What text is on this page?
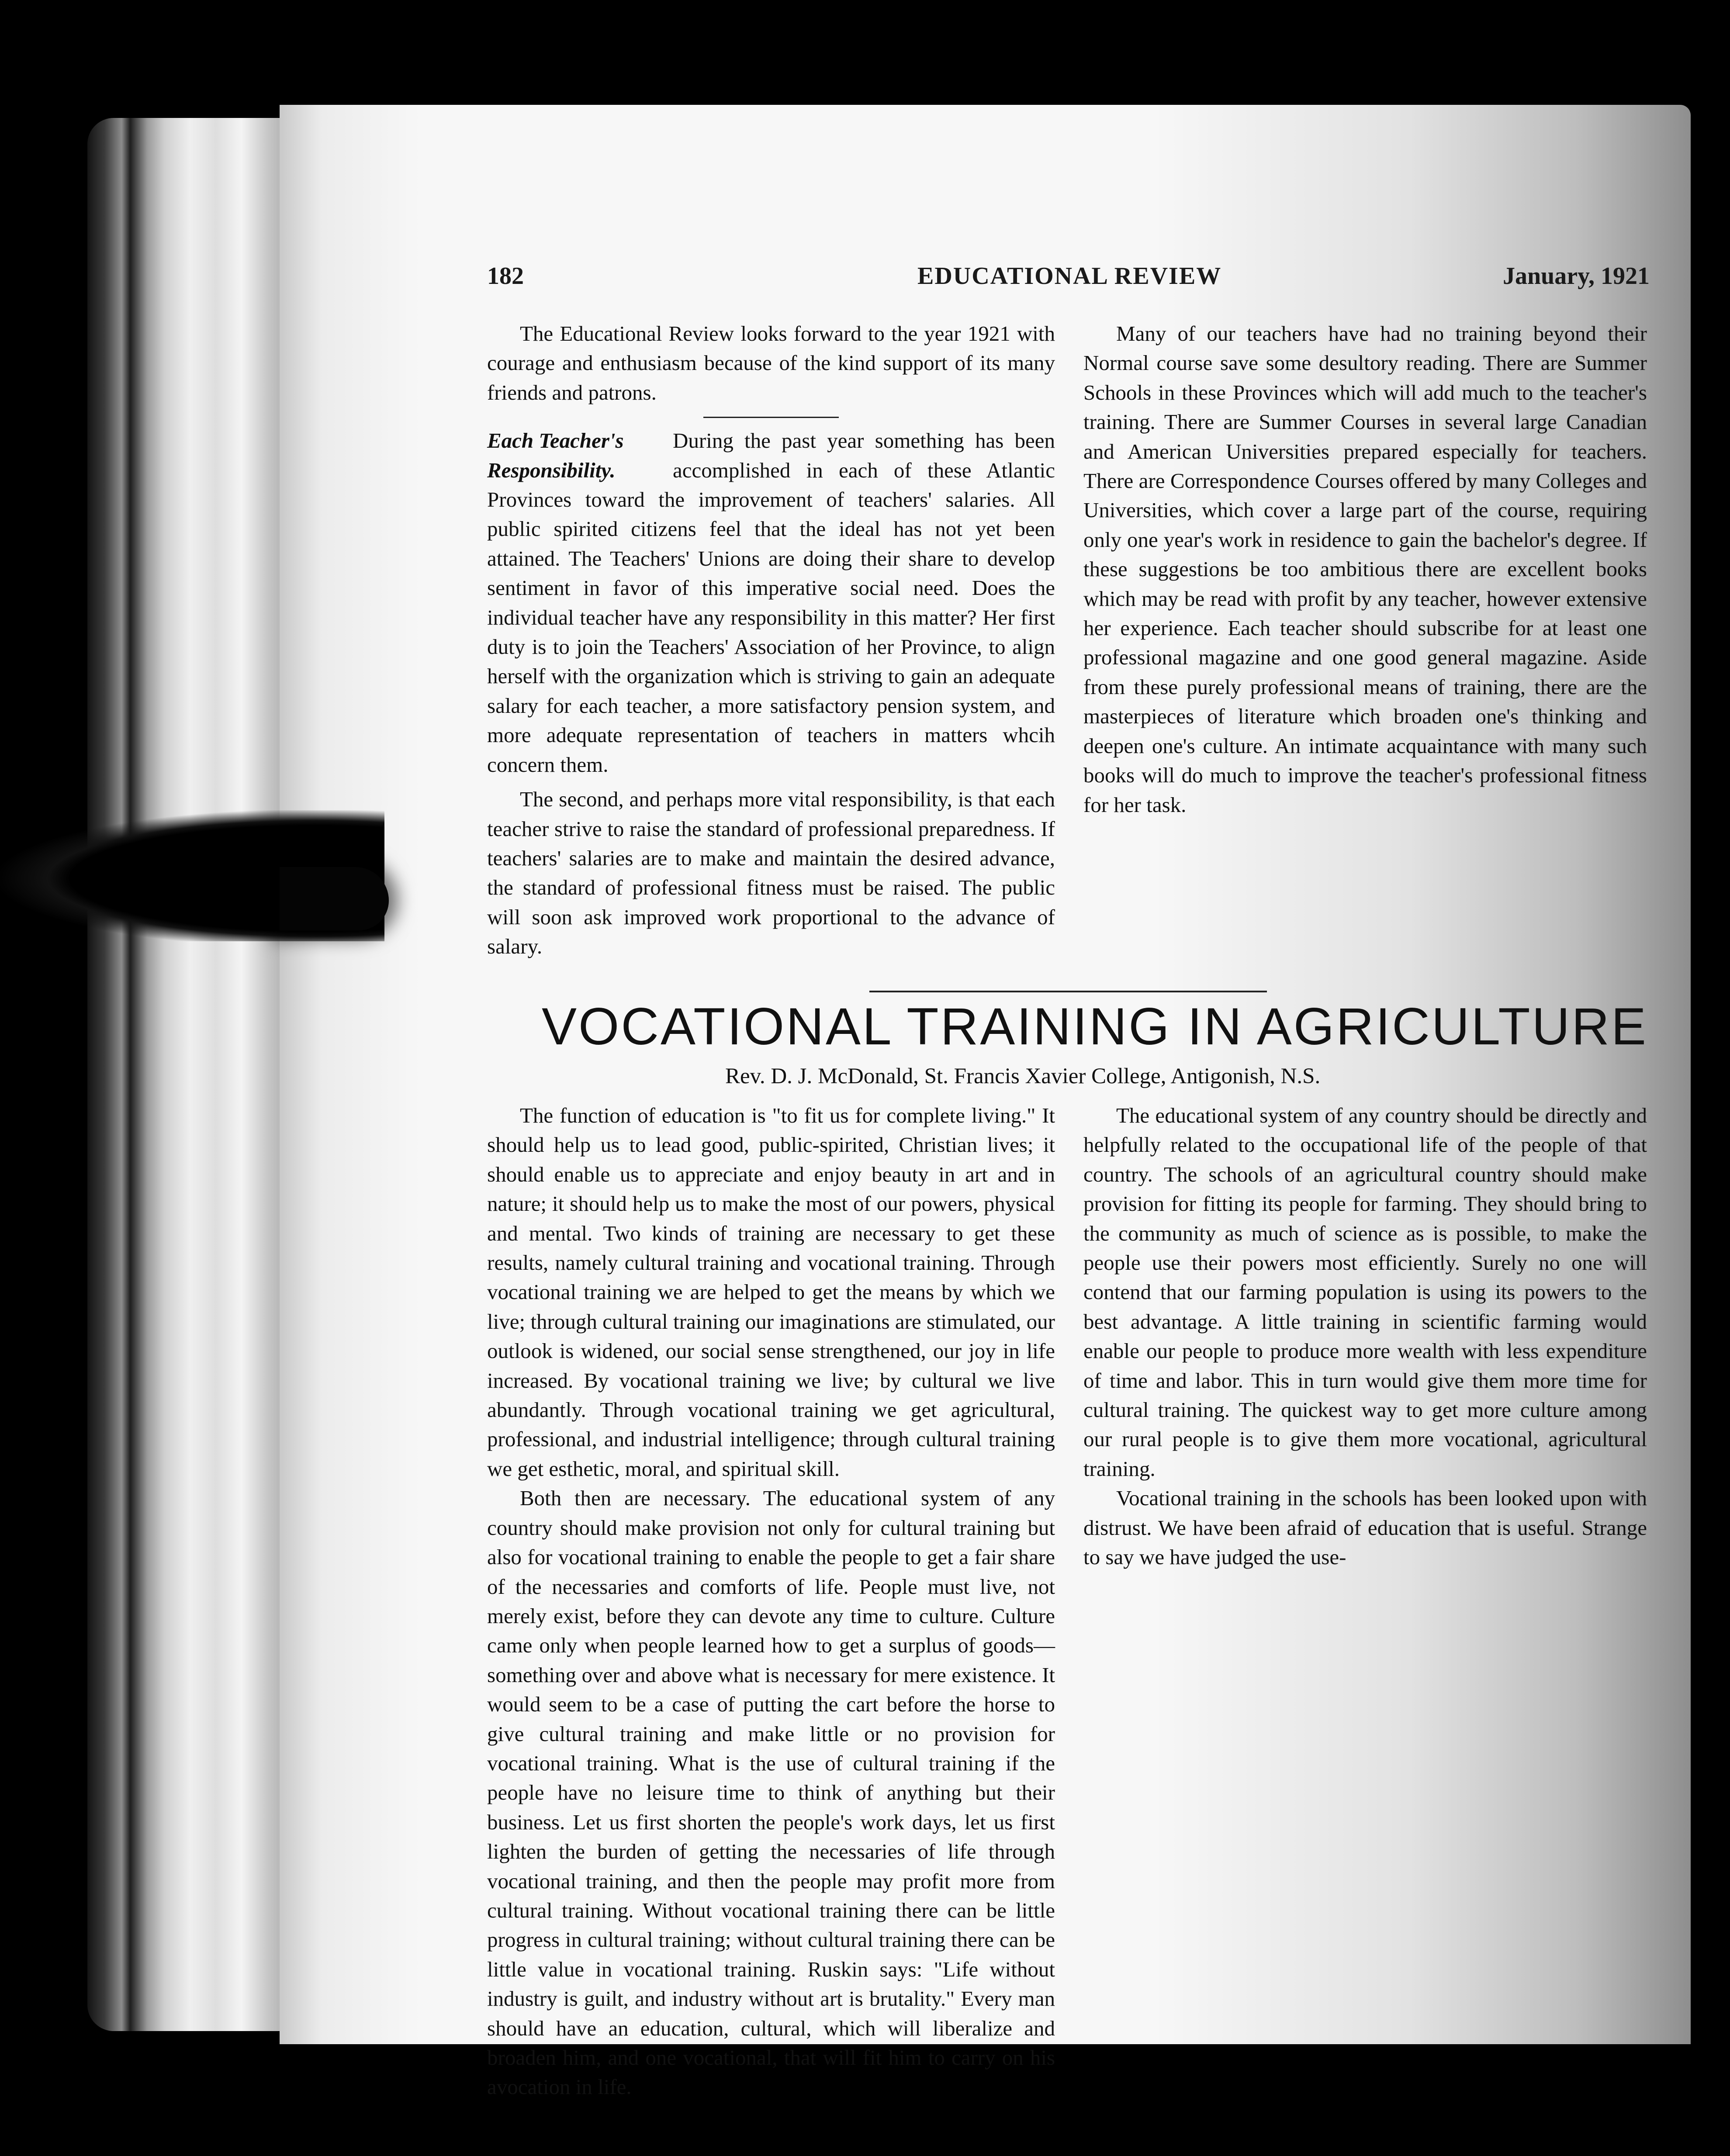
182	EDUCATIONAL REVIEW	January, 1921

The Educational Review looks forward to the year 1921 with courage and enthusiasm because of the kind support of its many friends and patrons.

Each Teacher's Responsibility.
During the past year something has been accomplished in each of these Atlantic Provinces toward the improvement of teachers' salaries. All public spirited citizens feel that the ideal has not yet been attained. The Teachers' Unions are doing their share to develop sentiment in favor of this imperative social need. Does the individual teacher have any responsibility in this matter? Her first duty is to join the Teachers' Association of her Province, to align herself with the organization which is striving to gain an adequate salary for each teacher, a more satisfactory pension system, and more adequate representation of teachers in matters whcih concern them.

The second, and perhaps more vital responsibility, is that each teacher strive to raise the standard of professional preparedness. If teachers' salaries are to make and maintain the desired advance, the standard of professional fitness must be raised. The public will soon ask improved work proportional to the advance of salary.

Many of our teachers have had no training beyond their Normal course save some desultory reading. There are Summer Schools in these Provinces which will add much to the teacher's training. There are Summer Courses in several large Canadian and American Universities prepared especially for teachers. There are Correspondence Courses offered by many Colleges and Universities, which cover a large part of the course, requiring only one year's work in residence to gain the bachelor's degree. If these suggestions be too ambitious there are excellent books which may be read with profit by any teacher, however extensive her experience. Each teacher should subscribe for at least one professional magazine and one good general magazine. Aside from these purely professional means of training, there are the masterpieces of literature which broaden one's thinking and deepen one's culture. An intimate acquaintance with many such books will do much to improve the teacher's professional fitness for her task.

VOCATIONAL TRAINING IN AGRICULTURE
Rev. D. J. McDonald, St. Francis Xavier College, Antigonish, N.S.

The function of education is "to fit us for complete living." It should help us to lead good, public-spirited, Christian lives; it should enable us to appreciate and enjoy beauty in art and in nature; it should help us to make the most of our powers, physical and mental. Two kinds of training are necessary to get these results, namely cultural training and vocational training. Through vocational training we are helped to get the means by which we live; through cultural training our imaginations are stimulated, our outlook is widened, our social sense strengthened, our joy in life increased. By vocational training we live; by cultural we live abundantly. Through vocational training we get agricultural, professional, and industrial intelligence; through cultural training we get esthetic, moral, and spiritual skill.

Both then are necessary. The educational system of any country should make provision not only for cultural training but also for vocational training to enable the people to get a fair share of the necessaries and comforts of life. People must live, not merely exist, before they can devote any time to culture. Culture came only when people learned how to get a surplus of goods—something over and above what is necessary for mere existence. It would seem to be a case of putting the cart before the horse to give cultural training and make little or no provision for vocational training. What is the use of cultural training if the people have no leisure time to think of anything but their business. Let us first shorten the people's work days, let us first lighten the burden of getting the necessaries of life through vocational training, and then the people may profit more from cultural training. Without vocational training there can be little progress in cultural training; without cultural training there can be little value in vocational training. Ruskin says: "Life without industry is guilt, and industry without art is brutality." Every man should have an education, cultural, which will liberalize and broaden him, and one vocational, that will fit him to carry on his avocation in life.

The educational system of any country should be directly and helpfully related to the occupational life of the people of that country. The schools of an agricultural country should make provision for fitting its people for farming. They should bring to the community as much of science as is possible, to make the people use their powers most efficiently. Surely no one will contend that our farming population is using its powers to the best advantage. A little training in scientific farming would enable our people to produce more wealth with less expenditure of time and labor. This in turn would give them more time for cultural training. The quickest way to get more culture among our rural people is to give them more vocational, agricultural training.

Vocational training in the schools has been looked upon with distrust. We have been afraid of education that is useful. Strange to say we have judged the use-
